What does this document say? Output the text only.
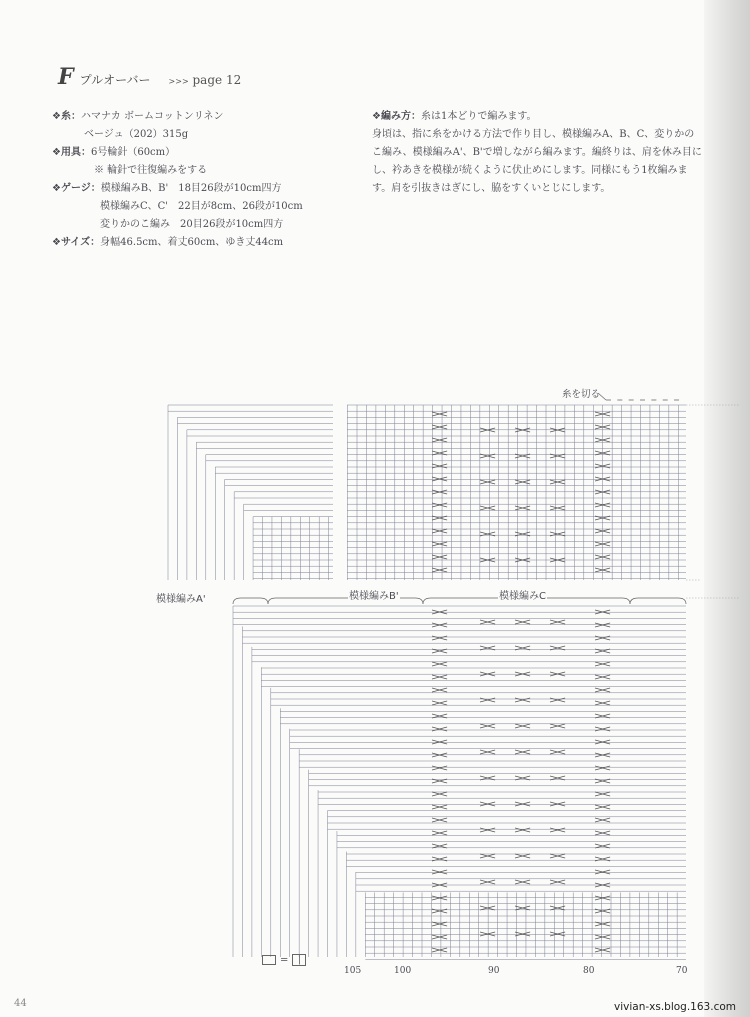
F プルオーバー >>> page 12
❖糸： ハマナカ ボームコットンリネン
ベージュ（202）315g
❖用具： 6号輪針（60cm）
※ 輪針で往復編みをする
❖ゲージ： 模様編みB、B'　18目26段が10cm四方
模様編みC、C'　22目が8cm、26段が10cm
変りかのこ編み　20目26段が10cm四方
❖サイズ： 身幅46.5cm、着丈60cm、ゆき丈44cm
❖編み方：糸は1本どりで編みます。
身頃は、指に糸をかける方法で作り目し、模様編みA、B、C、変りかのこ編み、模様編みA'、B'で増しながら編みます。編終りは、肩を休み目にし、衿あきを模様が続くように伏止めにします。同様にもう1枚編みます。肩を引抜きはぎにし、脇をすくいとじにします。
糸を切る
模様編みA'	模様編みB'	模様編みC
= |
105	100	90	80	70
44	vivian-xs.blog.163.com
